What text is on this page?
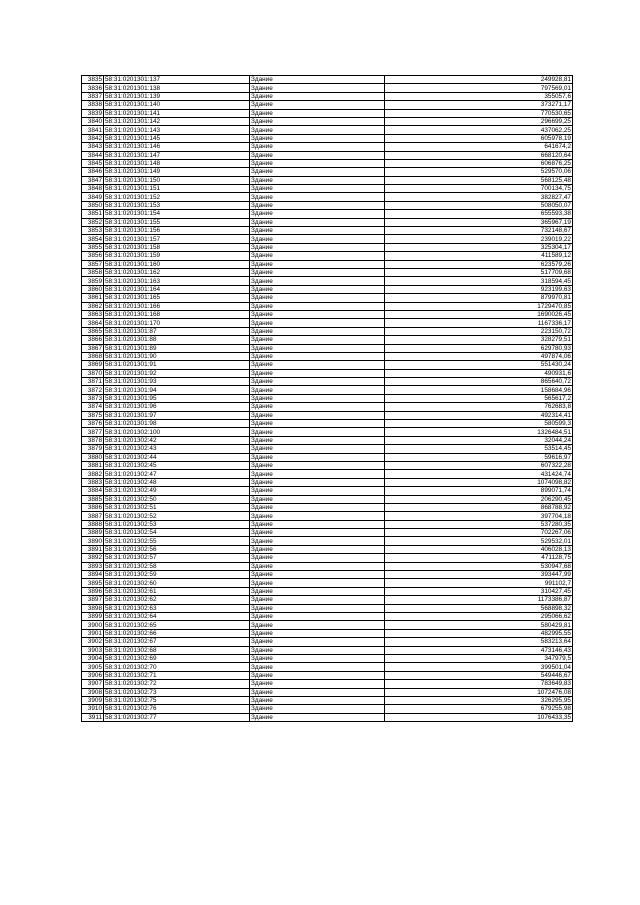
3835	58:31:0201301:137	Здание	249928,81
3836	58:31:0201301:138	Здание	797569,01
3837	58:31:0201301:139	Здание	355057,6
3838	58:31:0201301:140	Здание	373271,17
3839	58:31:0201301:141	Здание	770530,65
3840	58:31:0201301:142	Здание	296699,25
3841	58:31:0201301:143	Здание	437062,25
3842	58:31:0201301:145	Здание	605978,19
3843	58:31:0201301:146	Здание	641674,2
3844	58:31:0201301:147	Здание	668120,64
3845	58:31:0201301:148	Здание	606876,25
3846	58:31:0201301:149	Здание	529570,06
3847	58:31:0201301:150	Здание	568125,48
3848	58:31:0201301:151	Здание	700134,75
3849	58:31:0201301:152	Здание	382827,47
3850	58:31:0201301:153	Здание	508050,07
3851	58:31:0201301:154	Здание	655593,38
3852	58:31:0201301:155	Здание	365967,19
3853	58:31:0201301:156	Здание	732148,67
3854	58:31:0201301:157	Здание	239019,22
3855	58:31:0201301:158	Здание	325304,17
3856	58:31:0201301:159	Здание	411589,12
3857	58:31:0201301:160	Здание	623579,26
3858	58:31:0201301:162	Здание	517709,68
3859	58:31:0201301:163	Здание	318594,45
3860	58:31:0201301:164	Здание	923199,63
3861	58:31:0201301:165	Здание	879970,81
3862	58:31:0201301:166	Здание	1729470,85
3863	58:31:0201301:168	Здание	1690026,45
3864	58:31:0201301:170	Здание	1167336,17
3865	58:31:0201301:87	Здание	223150,72
3866	58:31:0201301:88	Здание	328279,51
3867	58:31:0201301:89	Здание	629780,93
3868	58:31:0201301:90	Здание	497874,06
3869	58:31:0201301:91	Здание	551430,24
3870	58:31:0201301:92	Здание	490931,6
3871	58:31:0201301:93	Здание	865640,72
3872	58:31:0201301:94	Здание	158684,96
3873	58:31:0201301:95	Здание	565617,2
3874	58:31:0201301:96	Здание	762683,8
3875	58:31:0201301:97	Здание	492314,41
3876	58:31:0201301:98	Здание	580599,3
3877	58:31:0201302:100	Здание	1326484,51
3878	58:31:0201302:42	Здание	32044,24
3879	58:31:0201302:43	Здание	53514,45
3880	58:31:0201302:44	Здание	59616,97
3881	58:31:0201302:45	Здание	607322,28
3882	58:31:0201302:47	Здание	431424,74
3883	58:31:0201302:48	Здание	1074098,82
3884	58:31:0201302:49	Здание	899071,74
3885	58:31:0201302:50	Здание	206290,45
3886	58:31:0201302:51	Здание	868788,92
3887	58:31:0201302:52	Здание	397704,18
3888	58:31:0201302:53	Здание	537280,35
3889	58:31:0201302:54	Здание	702267,06
3890	58:31:0201302:55	Здание	529532,01
3891	58:31:0201302:56	Здание	406028,13
3892	58:31:0201302:57	Здание	471128,75
3893	58:31:0201302:58	Здание	530947,68
3894	58:31:0201302:59	Здание	393447,99
3895	58:31:0201302:60	Здание	991102,7
3896	58:31:0201302:61	Здание	310427,45
3897	58:31:0201302:62	Здание	1173386,87
3898	58:31:0201302:63	Здание	568898,32
3899	58:31:0201302:64	Здание	295066,62
3900	58:31:0201302:65	Здание	580429,81
3901	58:31:0201302:66	Здание	482995,55
3902	58:31:0201302:67	Здание	583213,64
3903	58:31:0201302:68	Здание	473146,43
3904	58:31:0201302:69	Здание	347979,5
3905	58:31:0201302:70	Здание	399501,04
3906	58:31:0201302:71	Здание	549446,67
3907	58:31:0201302:72	Здание	783649,83
3908	58:31:0201302:73	Здание	1072476,08
3909	58:31:0201302:75	Здание	326295,95
3910	58:31:0201302:76	Здание	679255,98
3911	58:31:0201302:77	Здание	1076433,35
